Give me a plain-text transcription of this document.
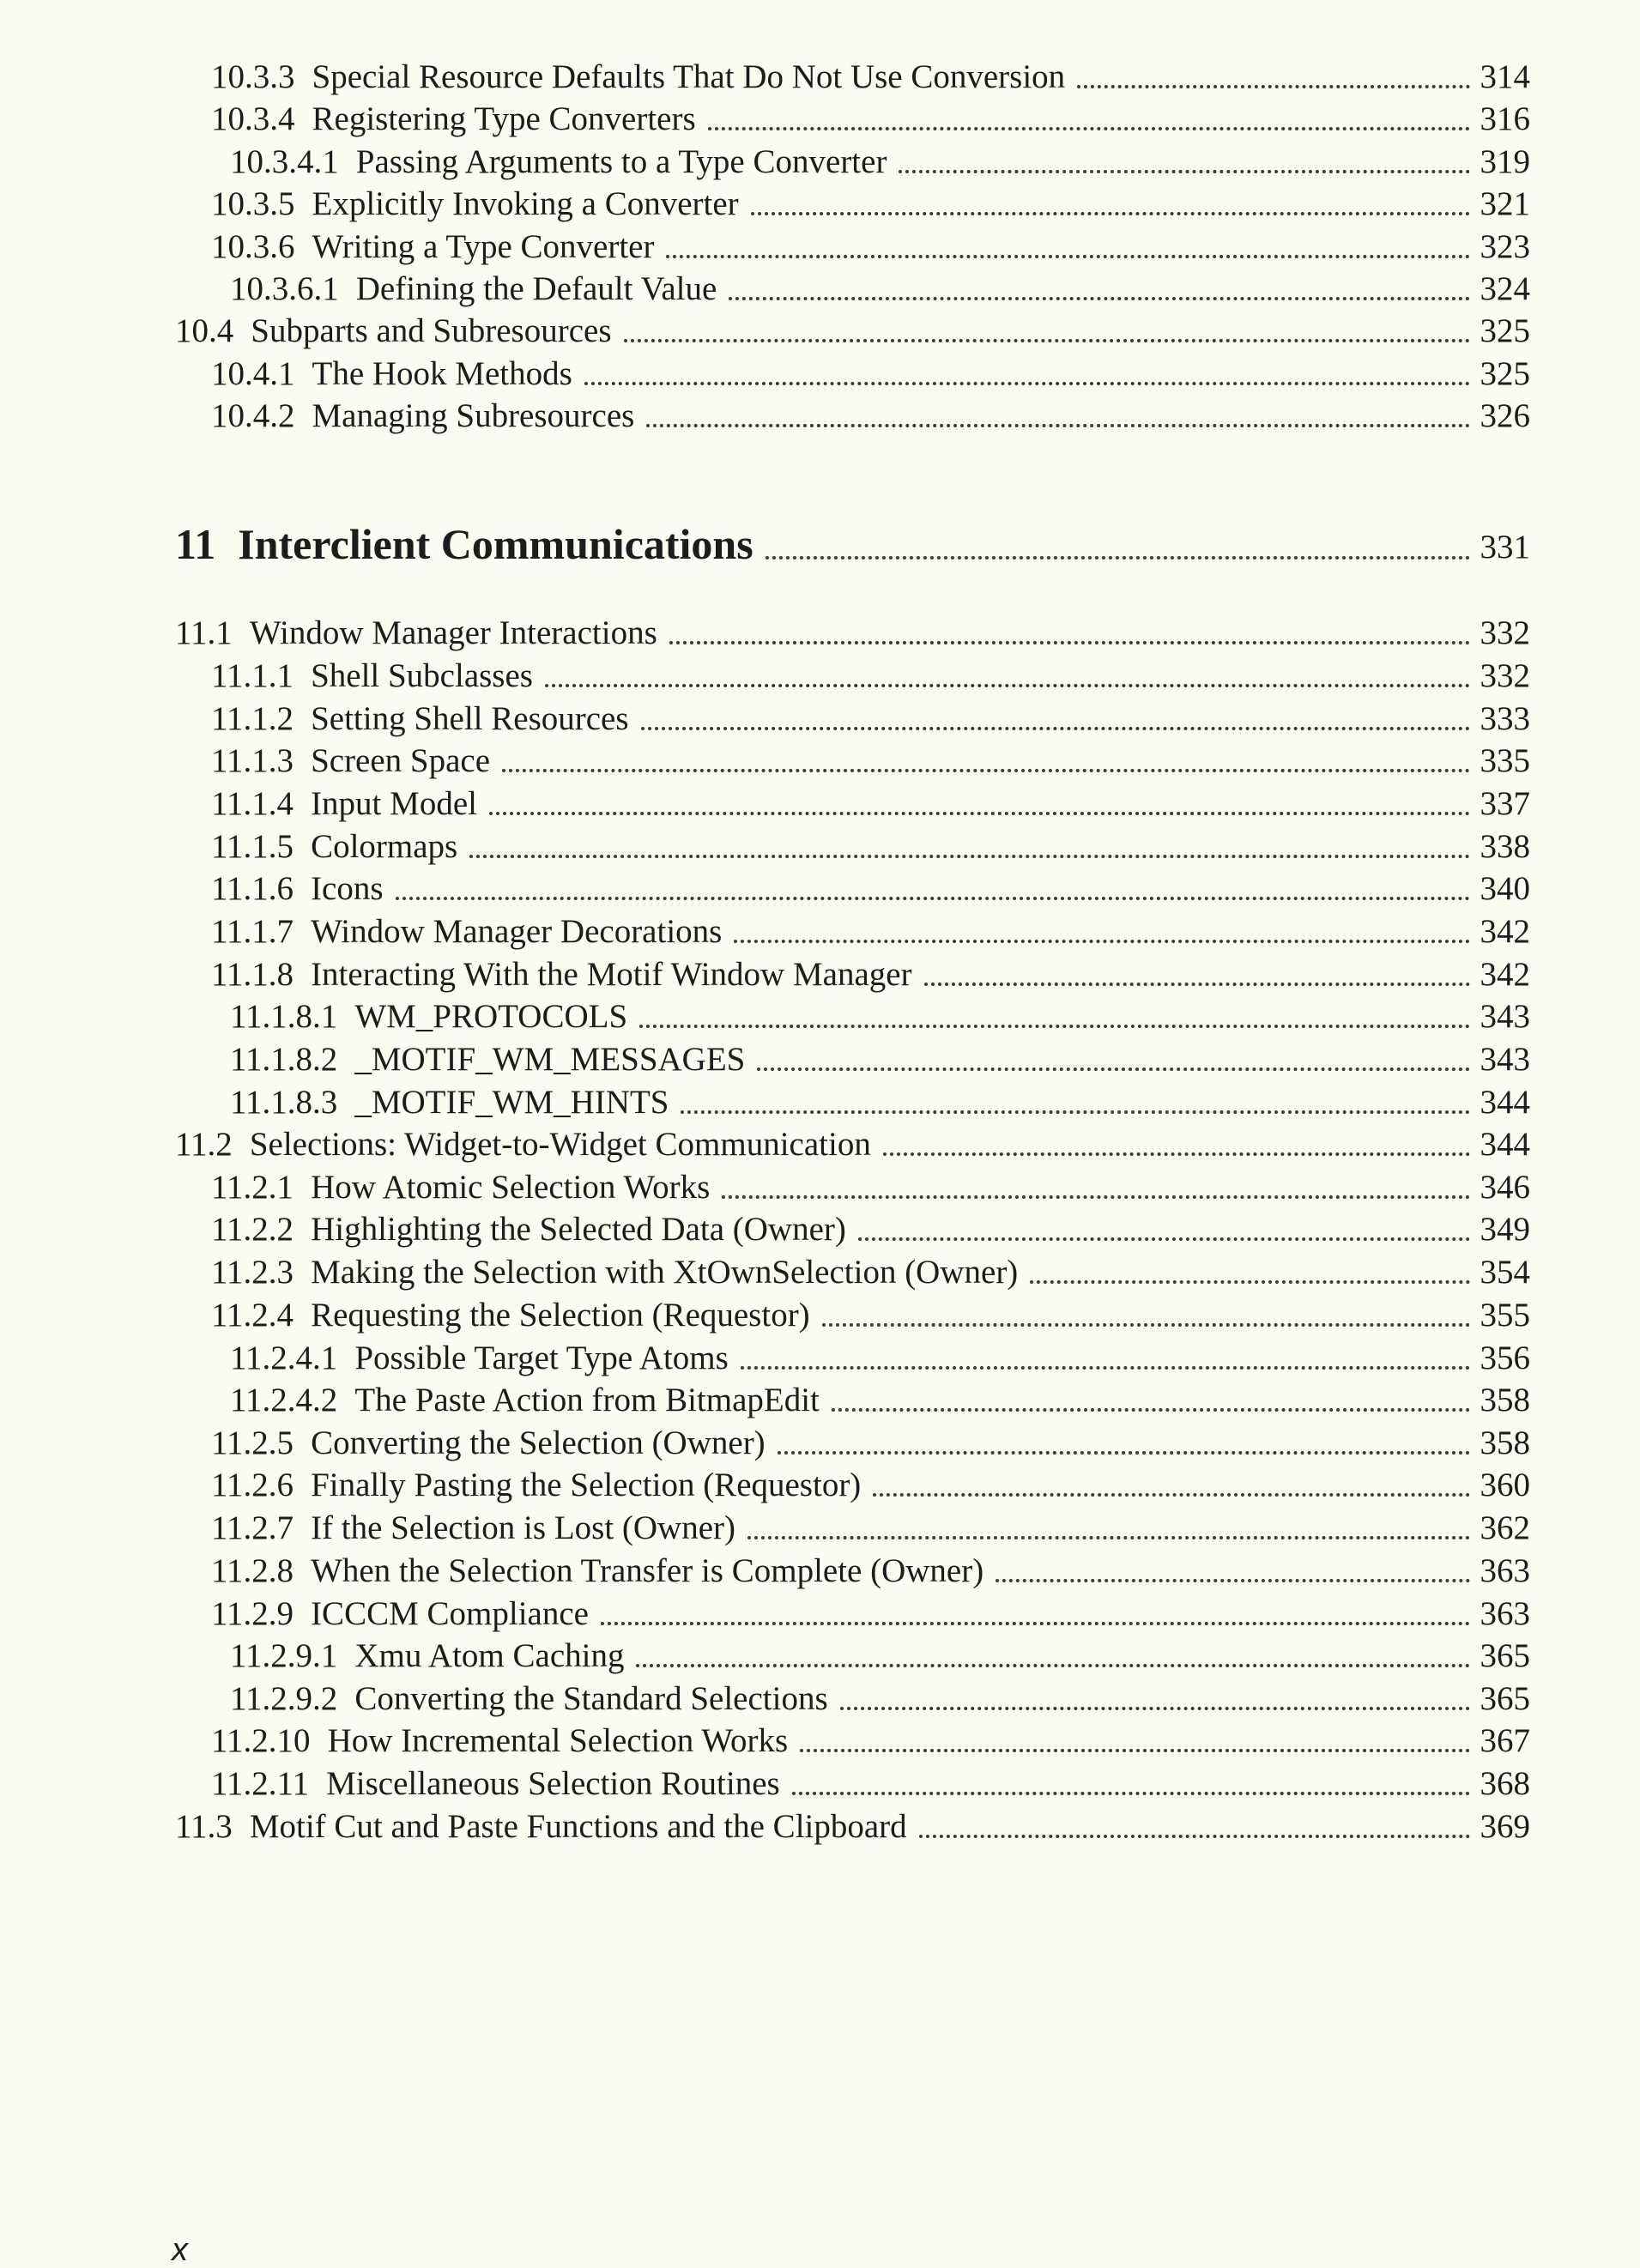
10.3.3 Special Resource Defaults That Do Not Use Conversion	314
10.3.4 Registering Type Converters	316
10.3.4.1 Passing Arguments to a Type Converter	319
10.3.5 Explicitly Invoking a Converter	321
10.3.6 Writing a Type Converter	323
10.3.6.1 Defining the Default Value	324
10.4 Subparts and Subresources	325
10.4.1 The Hook Methods	325
10.4.2 Managing Subresources	326
11 Interclient Communications	331
11.1 Window Manager Interactions	332
11.1.1 Shell Subclasses	332
11.1.2 Setting Shell Resources	333
11.1.3 Screen Space	335
11.1.4 Input Model	337
11.1.5 Colormaps	338
11.1.6 Icons	340
11.1.7 Window Manager Decorations	342
11.1.8 Interacting With the Motif Window Manager	342
11.1.8.1 WM_PROTOCOLS	343
11.1.8.2 _MOTIF_WM_MESSAGES	343
11.1.8.3 _MOTIF_WM_HINTS	344
11.2 Selections: Widget-to-Widget Communication	344
11.2.1 How Atomic Selection Works	346
11.2.2 Highlighting the Selected Data (Owner)	349
11.2.3 Making the Selection with XtOwnSelection (Owner)	354
11.2.4 Requesting the Selection (Requestor)	355
11.2.4.1 Possible Target Type Atoms	356
11.2.4.2 The Paste Action from BitmapEdit	358
11.2.5 Converting the Selection (Owner)	358
11.2.6 Finally Pasting the Selection (Requestor)	360
11.2.7 If the Selection is Lost (Owner)	362
11.2.8 When the Selection Transfer is Complete (Owner)	363
11.2.9 ICCCM Compliance	363
11.2.9.1 Xmu Atom Caching	365
11.2.9.2 Converting the Standard Selections	365
11.2.10 How Incremental Selection Works	367
11.2.11 Miscellaneous Selection Routines	368
11.3 Motif Cut and Paste Functions and the Clipboard	369
x
